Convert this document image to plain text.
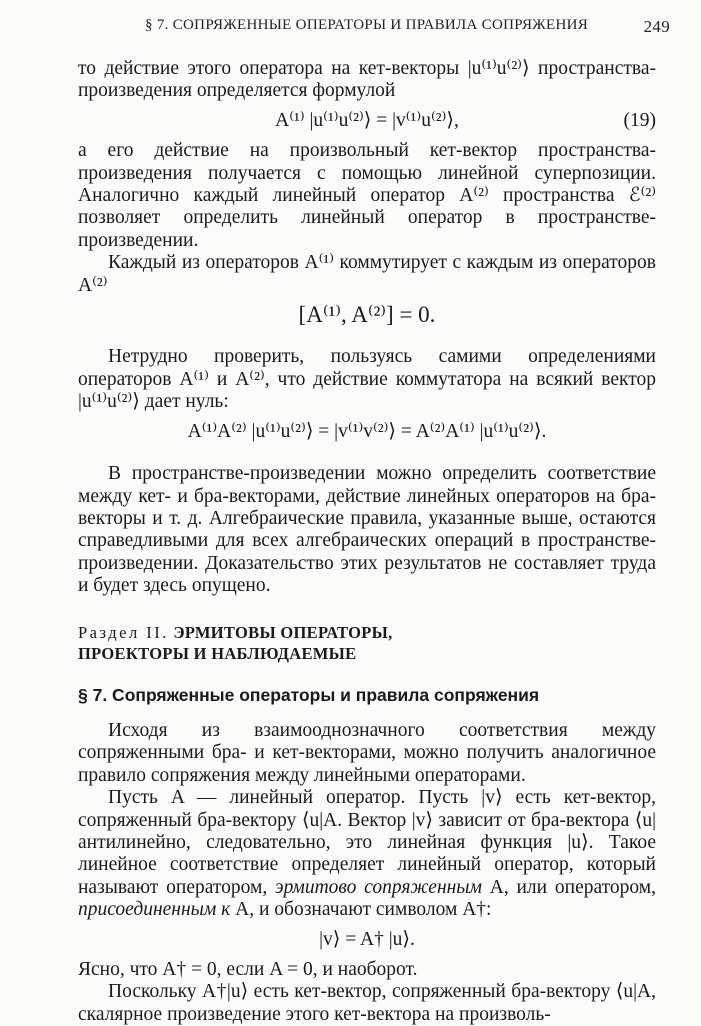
§ 7. СОПРЯЖЕННЫЕ ОПЕРАТОРЫ И ПРАВИЛА СОПРЯЖЕНИЯ	249

то действие этого оператора на кет-векторы |u⁽¹⁾u⁽²⁾⟩ пространства-произведения определяется формулой

A⁽¹⁾ |u⁽¹⁾u⁽²⁾⟩ = |v⁽¹⁾u⁽²⁾⟩,	(19)

а его действие на произвольный кет-вектор пространства-произведения получается с помощью линейной суперпозиции. Аналогично каждый линейный оператор A⁽²⁾ пространства ℰ⁽²⁾ позволяет определить линейный оператор в пространстве-произведении.

Каждый из операторов A⁽¹⁾ коммутирует с каждым из операторов A⁽²⁾

[A⁽¹⁾, A⁽²⁾] = 0.

Нетрудно проверить, пользуясь самими определениями операторов A⁽¹⁾ и A⁽²⁾, что действие коммутатора на всякий вектор |u⁽¹⁾u⁽²⁾⟩ дает нуль:

A⁽¹⁾A⁽²⁾ |u⁽¹⁾u⁽²⁾⟩ = |v⁽¹⁾v⁽²⁾⟩ = A⁽²⁾A⁽¹⁾ |u⁽¹⁾u⁽²⁾⟩.

В пространстве-произведении можно определить соответствие между кет- и бра-векторами, действие линейных операторов на бра-векторы и т. д. Алгебраические правила, указанные выше, остаются справедливыми для всех алгебраических операций в пространстве-произведении. Доказательство этих результатов не составляет труда и будет здесь опущено.

Раздел II. ЭРМИТОВЫ ОПЕРАТОРЫ,
ПРОЕКТОРЫ И НАБЛЮДАЕМЫЕ
§ 7. Сопряженные операторы и правила сопряжения

Исходя из взаимооднозначного соответствия между сопряженными бра- и кет-векторами, можно получить аналогичное правило сопряжения между линейными операторами.

Пусть A — линейный оператор. Пусть |v⟩ есть кет-вектор, сопряженный бра-вектору ⟨u|A. Вектор |v⟩ зависит от бра-вектора ⟨u| антилинейно, следовательно, это линейная функция |u⟩. Такое линейное соответствие определяет линейный оператор, который называют оператором, эрмитово сопряженным A, или оператором, присоединенным к A, и обозначают символом A†:

|v⟩ = A† |u⟩.

Ясно, что A† = 0, если A = 0, и наоборот.

Поскольку A†|u⟩ есть кет-вектор, сопряженный бра-вектору ⟨u|A, скалярное произведение этого кет-вектора на произволь-
